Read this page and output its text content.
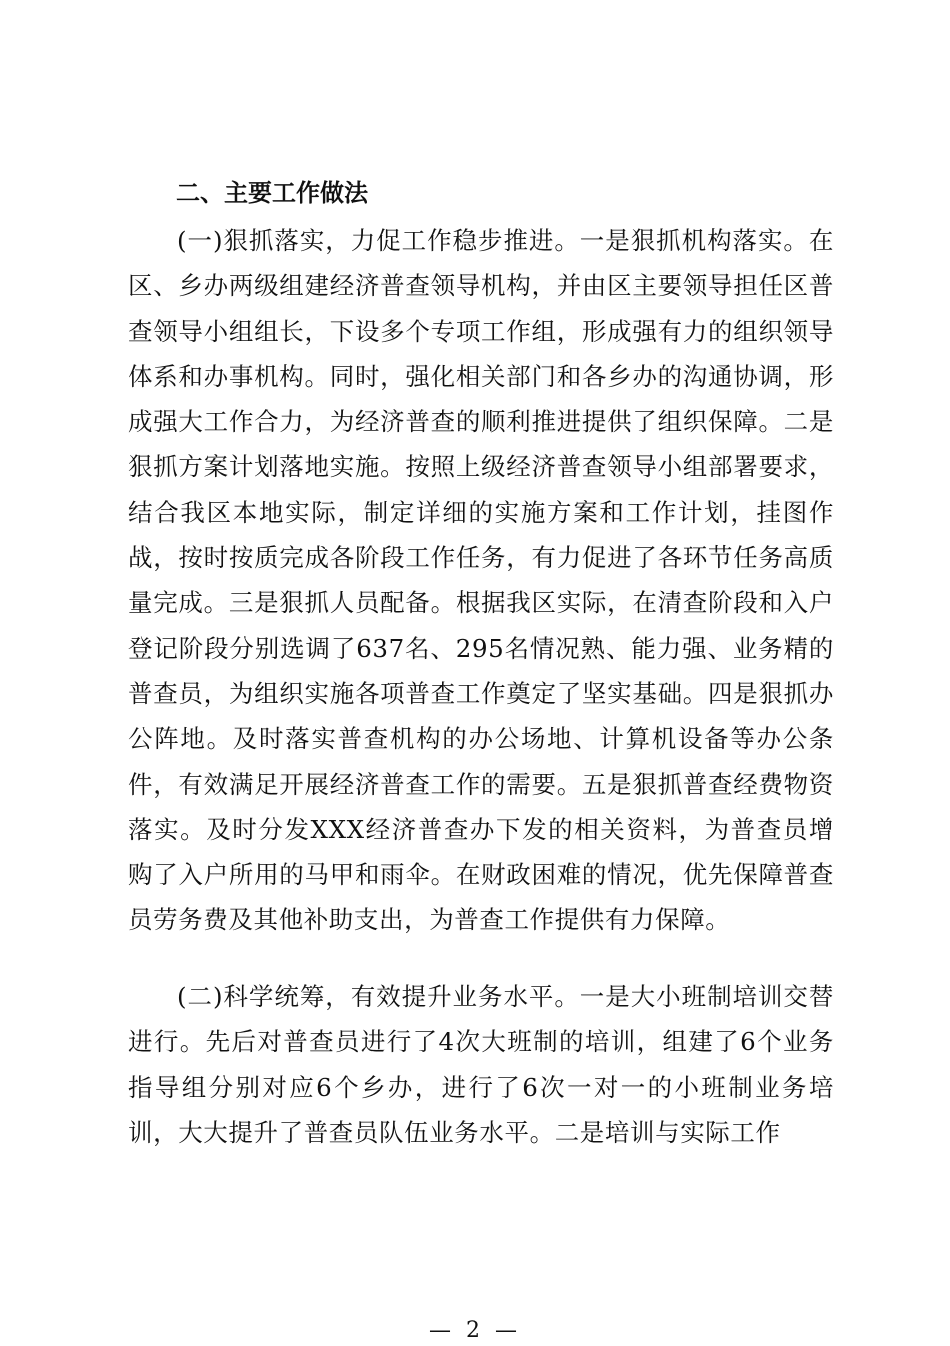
二、主要工作做法

(一)狠抓落实，力促工作稳步推进。一是狠抓机构落实。在区、乡办两级组建经济普查领导机构，并由区主要领导担任区普查领导小组组长，下设多个专项工作组，形成强有力的组织领导体系和办事机构。同时，强化相关部门和各乡办的沟通协调，形成强大工作合力，为经济普查的顺利推进提供了组织保障。二是狠抓方案计划落地实施。按照上级经济普查领导小组部署要求，结合我区本地实际，制定详细的实施方案和工作计划，挂图作战，按时按质完成各阶段工作任务，有力促进了各环节任务高质量完成。三是狠抓人员配备。根据我区实际，在清查阶段和入户登记阶段分别选调了637名、295名情况熟、能力强、业务精的普查员，为组织实施各项普查工作奠定了坚实基础。四是狠抓办公阵地。及时落实普查机构的办公场地、计算机设备等办公条件，有效满足开展经济普查工作的需要。五是狠抓普查经费物资落实。及时分发XXX经济普查办下发的相关资料，为普查员增购了入户所用的马甲和雨伞。在财政困难的情况，优先保障普查员劳务费及其他补助支出，为普查工作提供有力保障。

(二)科学统筹，有效提升业务水平。一是大小班制培训交替进行。先后对普查员进行了4次大班制的培训，组建了6个业务指导组分别对应6个乡办，进行了6次一对一的小班制业务培训，大大提升了普查员队伍业务水平。二是培训与实际工作

— 2 —
